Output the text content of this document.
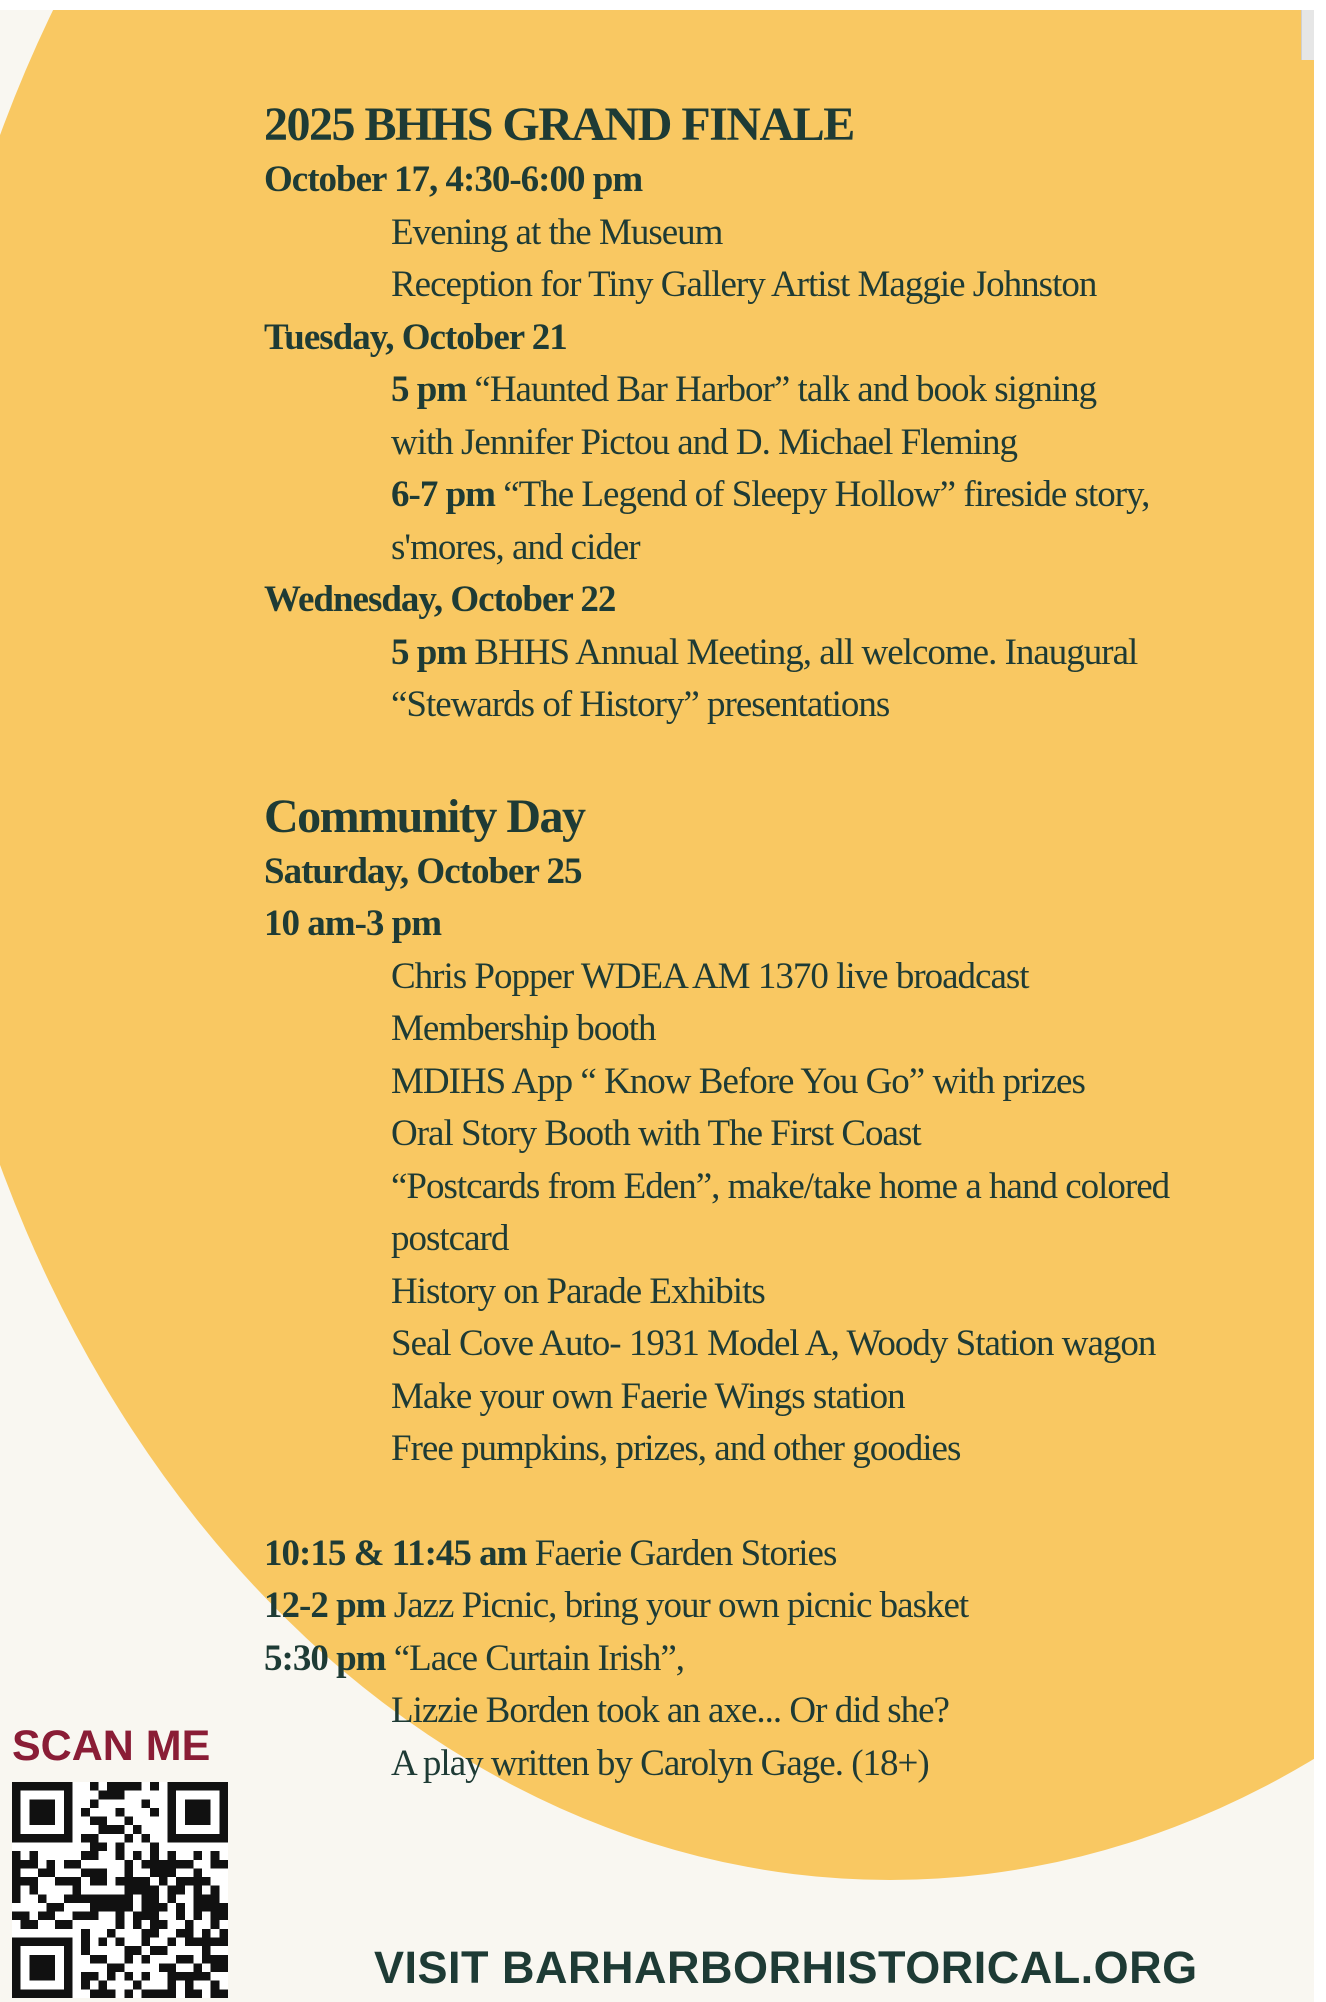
2025 BHHS GRAND FINALE
October 17, 4:30-6:00 pm
Evening at the Museum
Reception for Tiny Gallery Artist Maggie Johnston
Tuesday, October 21
5 pm “Haunted Bar Harbor” talk and book signing
with Jennifer Pictou and D. Michael Fleming
6-7 pm “The Legend of Sleepy Hollow” fireside story,
s'mores, and cider
Wednesday, October 22
5 pm BHHS Annual Meeting, all welcome. Inaugural
“Stewards of History” presentations
Community Day
Saturday, October 25
10 am-3 pm
Chris Popper WDEA AM 1370 live broadcast
Membership booth
MDIHS App “ Know Before You Go” with prizes
Oral Story Booth with The First Coast
“Postcards from Eden”, make/take home a hand colored
postcard
History on Parade Exhibits
Seal Cove Auto- 1931 Model A, Woody Station wagon
Make your own Faerie Wings station
Free pumpkins, prizes, and other goodies
10:15 & 11:45 am Faerie Garden Stories
12-2 pm Jazz Picnic, bring your own picnic basket
5:30 pm “Lace Curtain Irish”,
Lizzie Borden took an axe... Or did she?
A play written by Carolyn Gage. (18+)
SCAN ME
VISIT BARHARBORHISTORICAL.ORG
